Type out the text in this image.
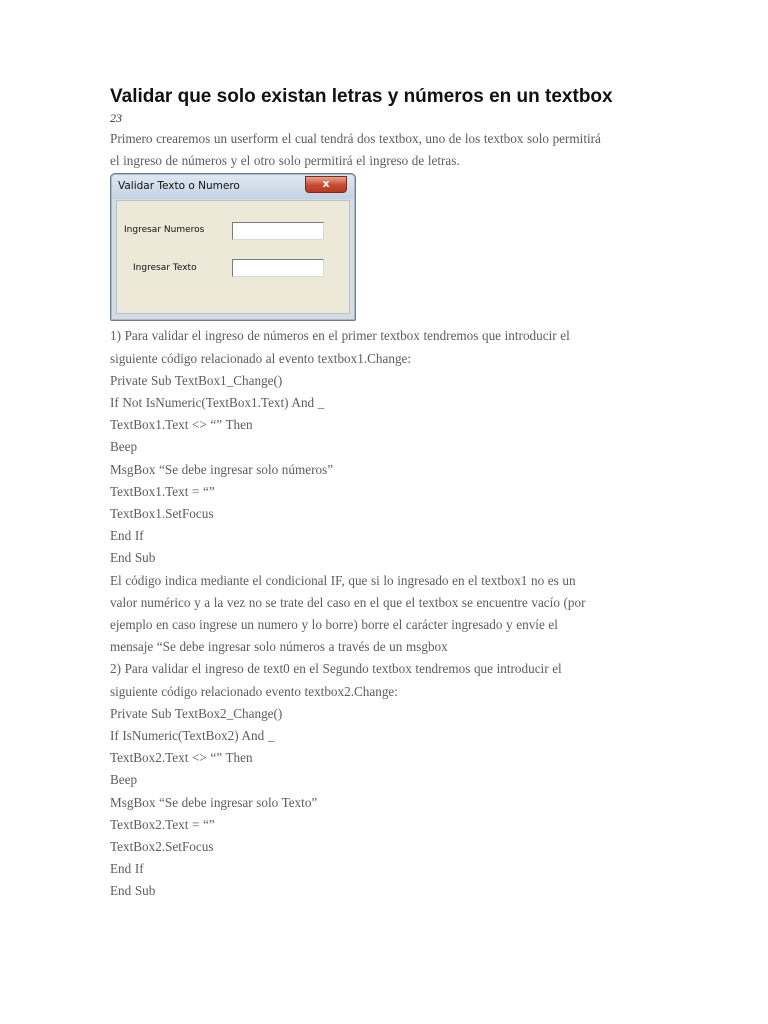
Validar que solo existan letras y números en un textbox

23

Primero crearemos un userform el cual tendrá dos textbox, uno de los textbox solo permitirá
el ingreso de números y el otro solo permitirá el ingreso de letras.
Validar Texto o Numero	x
Ingresar Numeros
Ingresar Texto
1) Para validar el ingreso de números en el primer textbox tendremos que introducir el
siguiente código relacionado al evento textbox1.Change:
Private Sub TextBox1_Change()
If Not IsNumeric(TextBox1.Text) And _
TextBox1.Text <> “” Then
Beep
MsgBox “Se debe ingresar solo números”
TextBox1.Text = “”
TextBox1.SetFocus
End If
End Sub
El código indica mediante el condicional IF, que si lo ingresado en el textbox1 no es un
valor numérico y a la vez no se trate del caso en el que el textbox se encuentre vacío (por
ejemplo en caso ingrese un numero y lo borre) borre el carácter ingresado y envíe el
mensaje “Se debe ingresar solo números a través de un msgbox
2) Para validar el ingreso de text0 en el Segundo textbox tendremos que introducir el
siguiente código relacionado evento textbox2.Change:
Private Sub TextBox2_Change()
If IsNumeric(TextBox2) And _
TextBox2.Text <> “” Then
Beep
MsgBox “Se debe ingresar solo Texto”
TextBox2.Text = “”
TextBox2.SetFocus
End If
End Sub
